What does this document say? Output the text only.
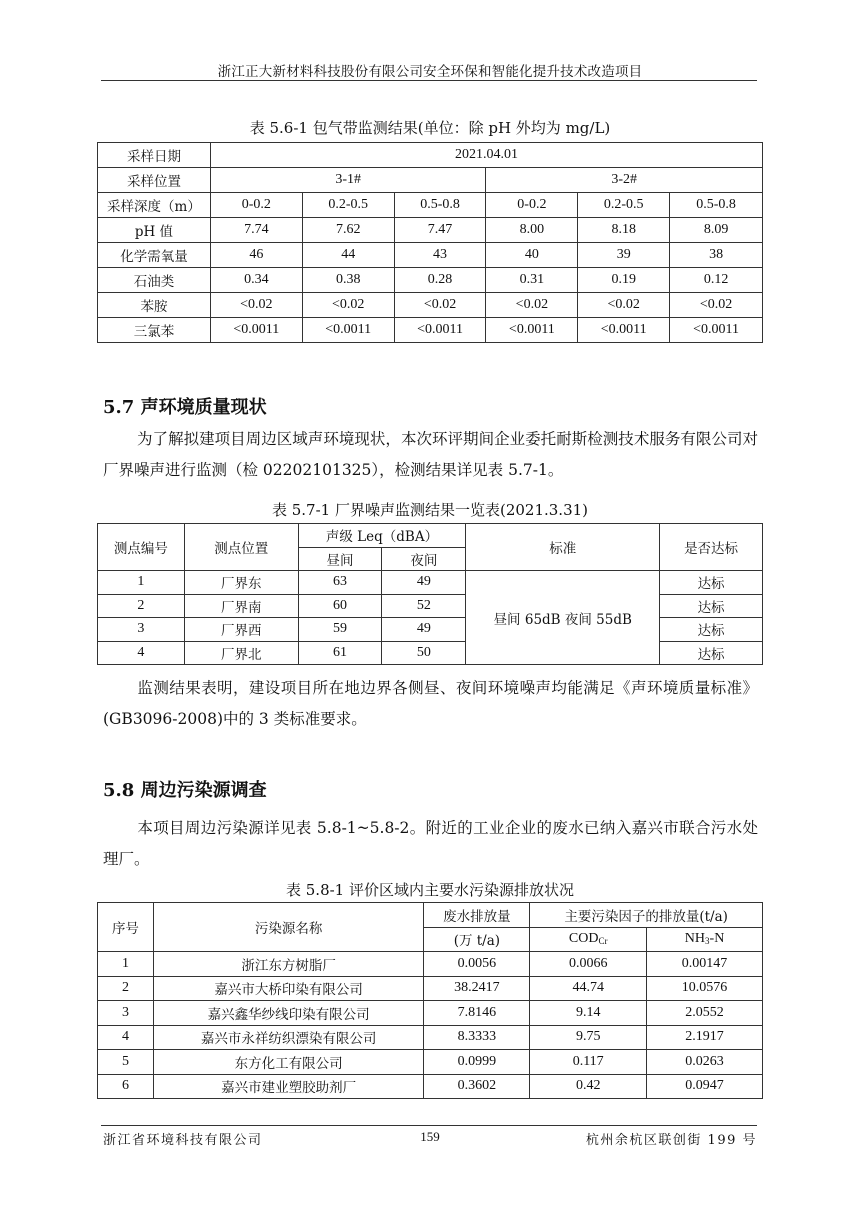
浙江正大新材料科技股份有限公司安全环保和智能化提升技术改造项目
表 5.6-1 包气带监测结果(单位：除 pH 外均为 mg/L)
采样日期	2021.04.01					
采样位置	3-1#			3-2#		
采样深度（m）	0-0.2	0.2-0.5	0.5-0.8	0-0.2	0.2-0.5	0.5-0.8
pH 值	7.74	7.62	7.47	8.00	8.18	8.09
化学需氧量	46	44	43	40	39	38
石油类	0.34	0.38	0.28	0.31	0.19	0.12
苯胺	<0.02	<0.02	<0.02	<0.02	<0.02	<0.02
三氯苯	<0.0011	<0.0011	<0.0011	<0.0011	<0.0011	<0.0011
5.7 声环境质量现状
为了解拟建项目周边区域声环境现状，本次环评期间企业委托耐斯检测技术服务有限公司对厂界噪声进行监测（检 02202101325），检测结果详见表 5.7-1。
表 5.7-1 厂界噪声监测结果一览表(2021.3.31)
测点编号	测点位置	声级 Leq（dBA）		标准	是否达标
		昼间	夜间		
1	厂界东	63	49	昼间 65dB 夜间 55dB	达标
2	厂界南	60	52		达标
3	厂界西	59	49		达标
4	厂界北	61	50		达标
监测结果表明，建设项目所在地边界各侧昼、夜间环境噪声均能满足《声环境质量标准》(GB3096-2008)中的 3 类标准要求。
5.8 周边污染源调查
本项目周边污染源详见表 5.8-1~5.8-2。附近的工业企业的废水已纳入嘉兴市联合污水处理厂。
表 5.8-1 评价区域内主要水污染源排放状况
序号	污染源名称	废水排放量	主要污染因子的排放量(t/a)	
		(万 t/a)	$COD_{Cr}$	$NH_3-N$
1	浙江东方树脂厂	0.0056	0.0066	0.00147
2	嘉兴市大桥印染有限公司	38.2417	44.74	10.0576
3	嘉兴鑫华纱线印染有限公司	7.8146	9.14	2.0552
4	嘉兴市永祥纺织漂染有限公司	8.3333	9.75	2.1917
5	东方化工有限公司	0.0999	0.117	0.0263
6	嘉兴市建业塑胶助剂厂	0.3602	0.42	0.0947
浙江省环境科技有限公司	159	杭州余杭区联创街 199 号
